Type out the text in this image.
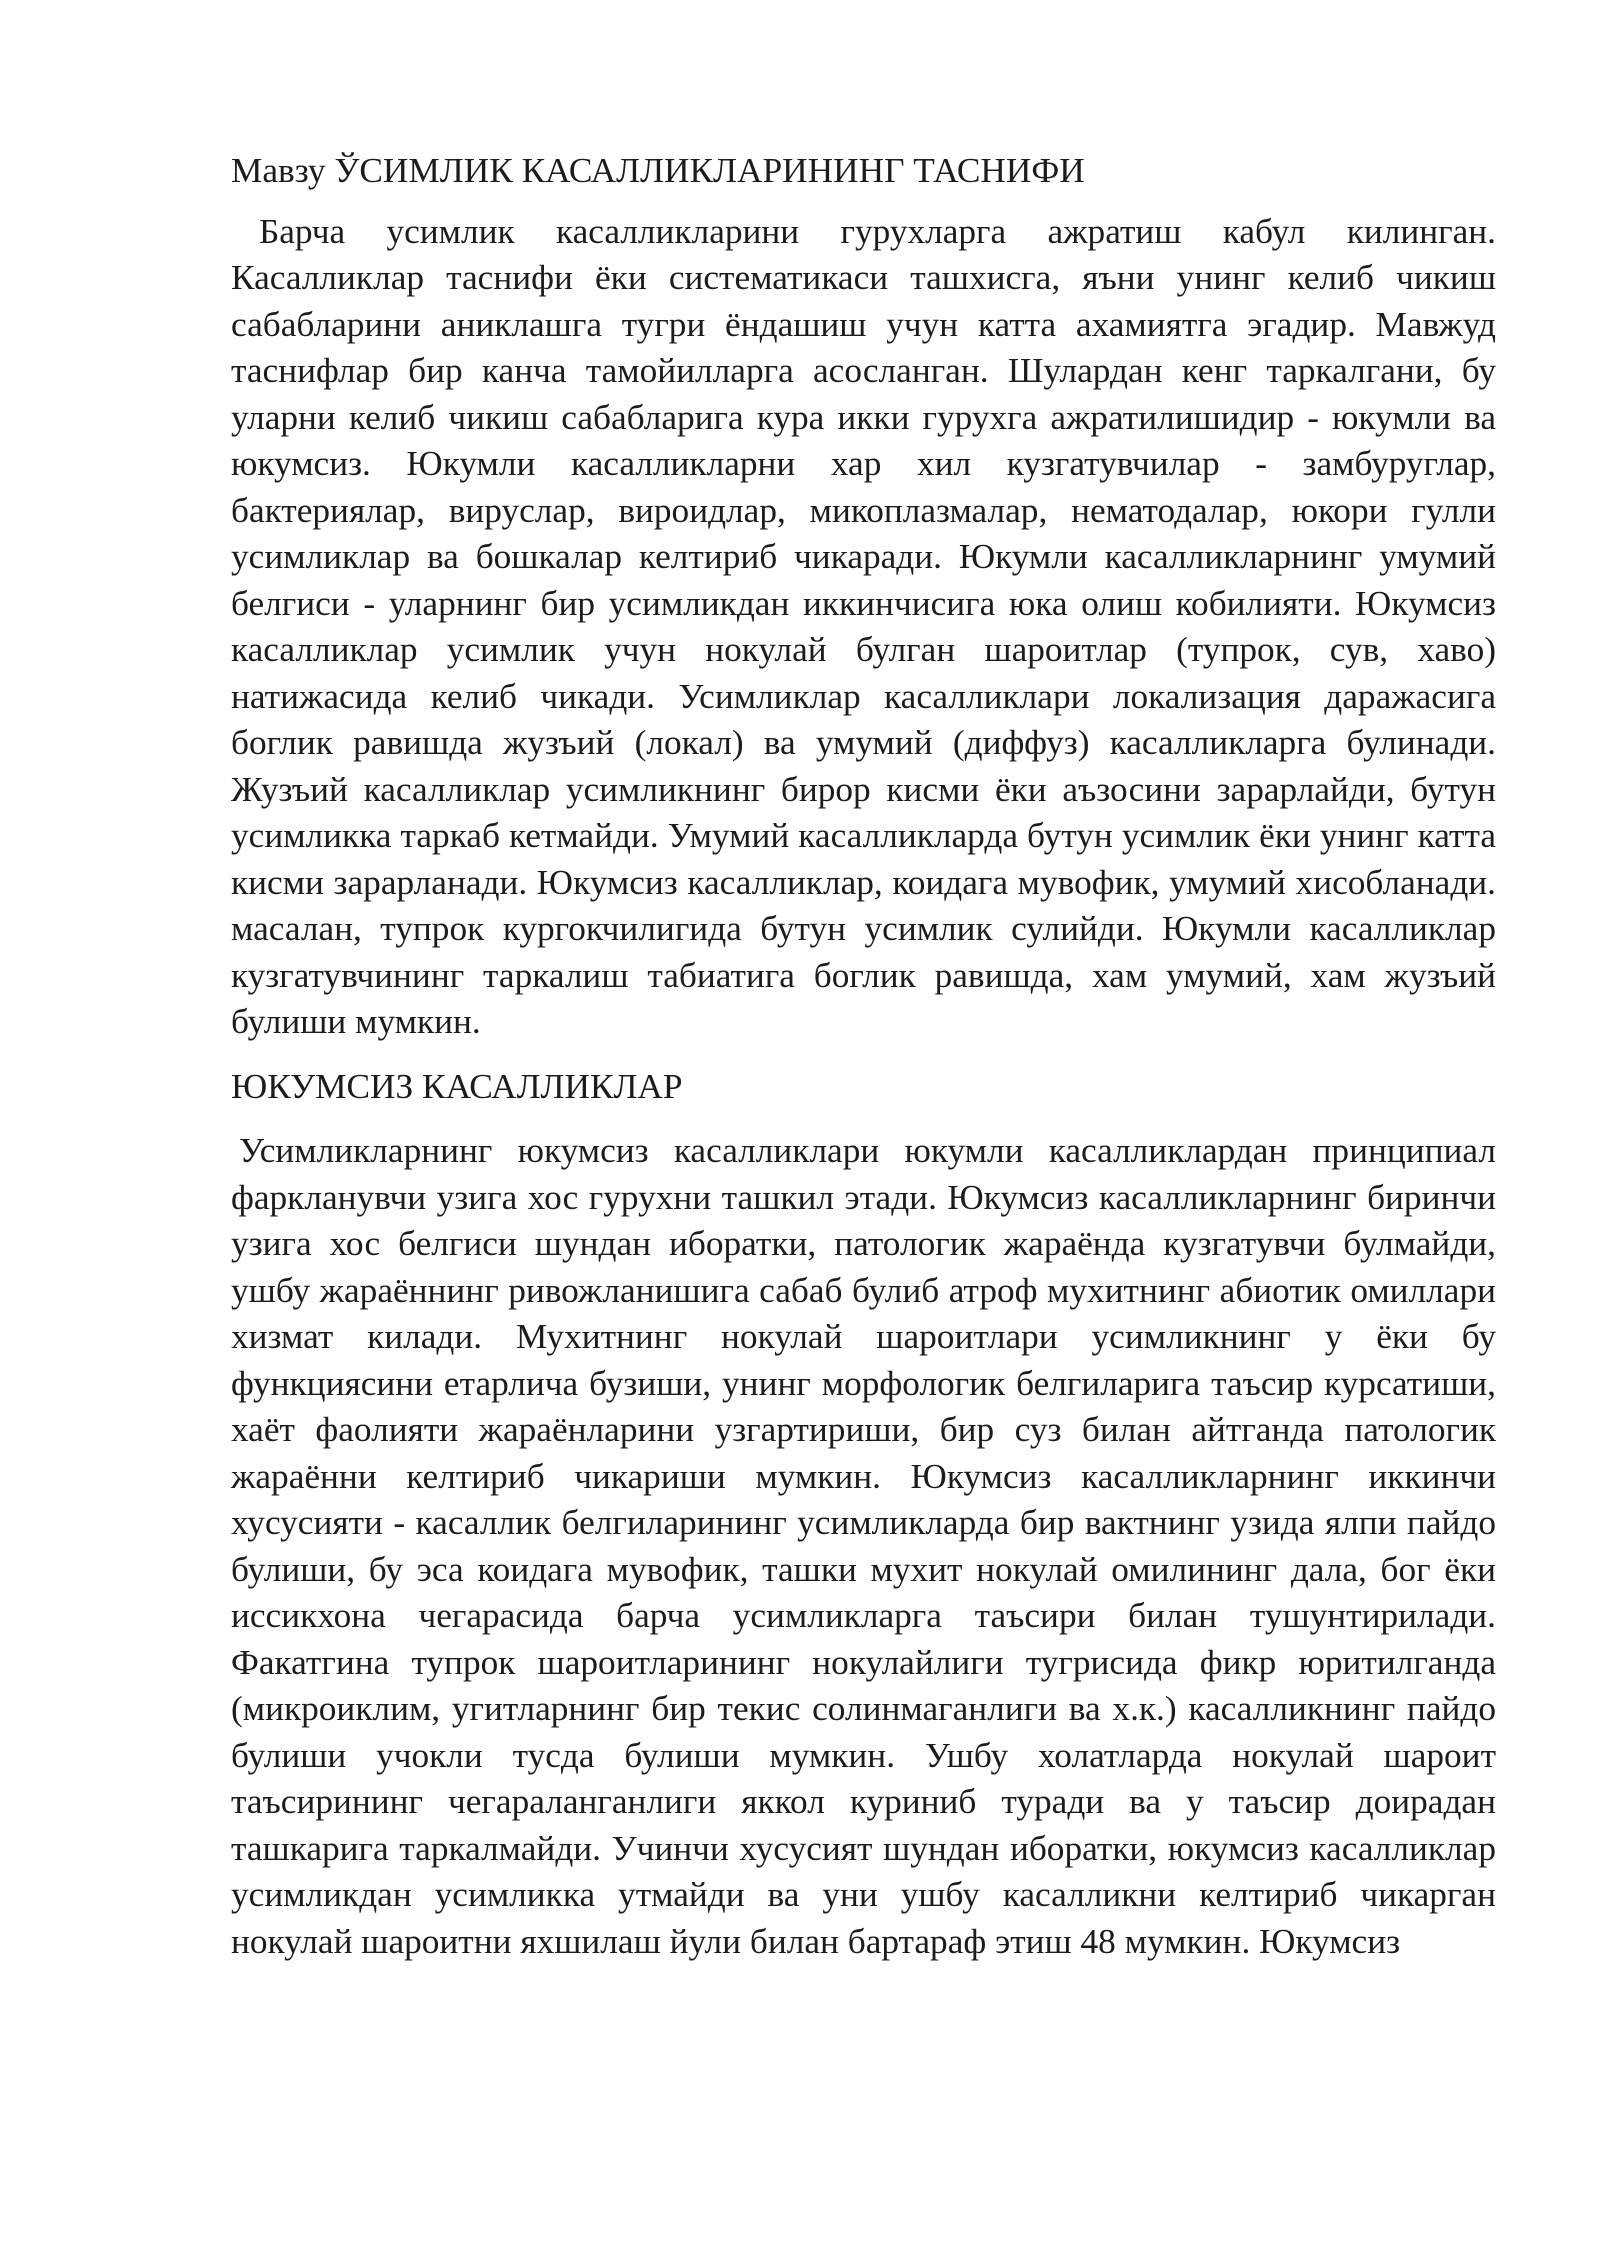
Мавзу ЎСИМЛИК КАСАЛЛИКЛАРИНИНГ ТАСНИФИ

Барча усимлик касалликларини гурухларга ажратиш кабул килинган. Касалликлар таснифи ёки систематикаси ташхисга, яъни унинг келиб чикиш сабабларини аниклашга тугри ёндашиш учун катта ахамиятга эгадир. Мавжуд таснифлар бир канча тамойилларга асосланган. Шулардан кенг таркалгани, бу уларни келиб чикиш сабабларига кура икки гурухга ажратилишидир - юкумли ва юкумсиз. Юкумли касалликларни хар хил кузгатувчилар - замбуруглар, бактериялар, вируслар, вироидлар, микоплазмалар, нематодалар, юкори гулли усимликлар ва бошкалар келтириб чикаради. Юкумли касалликларнинг умумий белгиси - уларнинг бир усимликдан иккинчисига юка олиш кобилияти. Юкумсиз касалликлар усимлик учун нокулай булган шароитлар (тупрок, сув, хаво) натижасида келиб чикади. Усимликлар касалликлари локализация даражасига боглик равишда жузъий (локал) ва умумий (диффуз) касалликларга булинади. Жузъий касалликлар усимликнинг бирор кисми ёки аъзосини зарарлайди, бутун усимликка таркаб кетмайди. Умумий касалликларда бутун усимлик ёки унинг катта кисми зарарланади. Юкумсиз касалликлар, коидага мувофик, умумий хисобланади. масалан, тупрок кургокчилигида бутун усимлик сулийди. Юкумли касалликлар кузгатувчининг таркалиш табиатига боглик равишда, хам умумий, хам жузъий булиши мумкин.

ЮКУМСИЗ КАСАЛЛИКЛАР

Усимликларнинг юкумсиз касалликлари юкумли касалликлардан принципиал фаркланувчи узига хос гурухни ташкил этади. Юкумсиз касалликларнинг биринчи узига хос белгиси шундан иборатки, патологик жараёнда кузгатувчи булмайди, ушбу жараённинг ривожланишига сабаб булиб атроф мухитнинг абиотик омиллари хизмат килади. Мухитнинг нокулай шароитлари усимликнинг у ёки бу функциясини етарлича бузиши, унинг морфологик белгиларига таъсир курсатиши, хаёт фаолияти жараёнларини узгартириши, бир суз билан айтганда патологик жараённи келтириб чикариши мумкин. Юкумсиз касалликларнинг иккинчи хусусияти - касаллик белгиларининг усимликларда бир вактнинг узида ялпи пайдо булиши, бу эса коидага мувофик, ташки мухит нокулай омилининг дала, бог ёки иссикхона чегарасида барча усимликларга таъсири билан тушунтирилади. Факатгина тупрок шароитларининг нокулайлиги тугрисида фикр юритилганда (микроиклим, угитларнинг бир текис солинмаганлиги ва х.к.) касалликнинг пайдо булиши учокли тусда булиши мумкин. Ушбу холатларда нокулай шароит таъсирининг чегараланганлиги яккол куриниб туради ва у таъсир доирадан ташкарига таркалмайди. Учинчи хусусият шундан иборатки, юкумсиз касалликлар усимликдан усимликка утмайди ва уни ушбу касалликни келтириб чикарган нокулай шароитни яхшилаш йули билан бартараф этиш 48 мумкин. Юкумсиз
